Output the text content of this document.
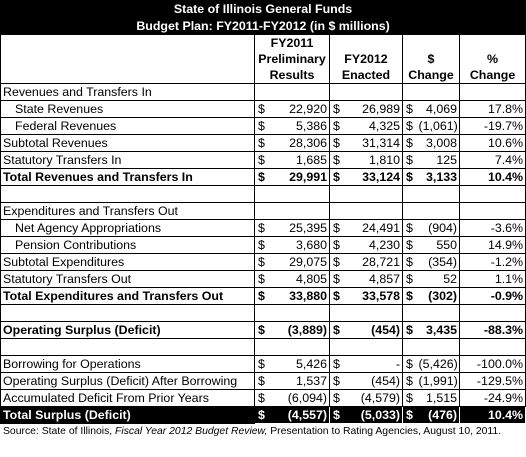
State of Illinois General Funds							
Budget Plan: FY2011-FY2012 (in $ millions)							
	FY2011						
	Preliminary		FY2012		$		%
	Results		Enacted		Change		Change
Revenues and Transfers In							
State Revenues	$	22,920	$	26,989	$	4,069	17.8%
Federal Revenues	$	5,386	$	4,325	$	(1,061)	-19.7%
Subtotal Revenues	$	28,306	$	31,314	$	3,008	10.6%
Statutory Transfers In	$	1,685	$	1,810	$	125	7.4%
Total Revenues and Transfers In	$	29,991	$	33,124	$	3,133	10.4%

Expenditures and Transfers Out							
Net Agency Appropriations	$	25,395	$	24,491	$	(904)	-3.6%
Pension Contributions	$	3,680	$	4,230	$	550	14.9%
Subtotal Expenditures	$	29,075	$	28,721	$	(354)	-1.2%
Statutory Transfers Out	$	4,805	$	4,857	$	52	1.1%
Total Expenditures and Transfers Out	$	33,880	$	33,578	$	(302)	-0.9%

Operating Surplus (Deficit)	$	(3,889)	$	(454)	$	3,435	-88.3%

Borrowing for Operations	$	5,426	$	-	$	(5,426)	-100.0%
Operating Surplus (Deficit) After Borrowing	$	1,537	$	(454)	$	(1,991)	-129.5%
Accumulated Deficit From Prior Years	$	(6,094)	$	(4,579)	$	1,515	-24.9%
Total Surplus (Deficit)	$	(4,557)	$	(5,033)	$	(476)	10.4%
Source: State of Illinois, Fiscal Year 2012 Budget Review, Presentation to Rating Agencies, August 10, 2011.
